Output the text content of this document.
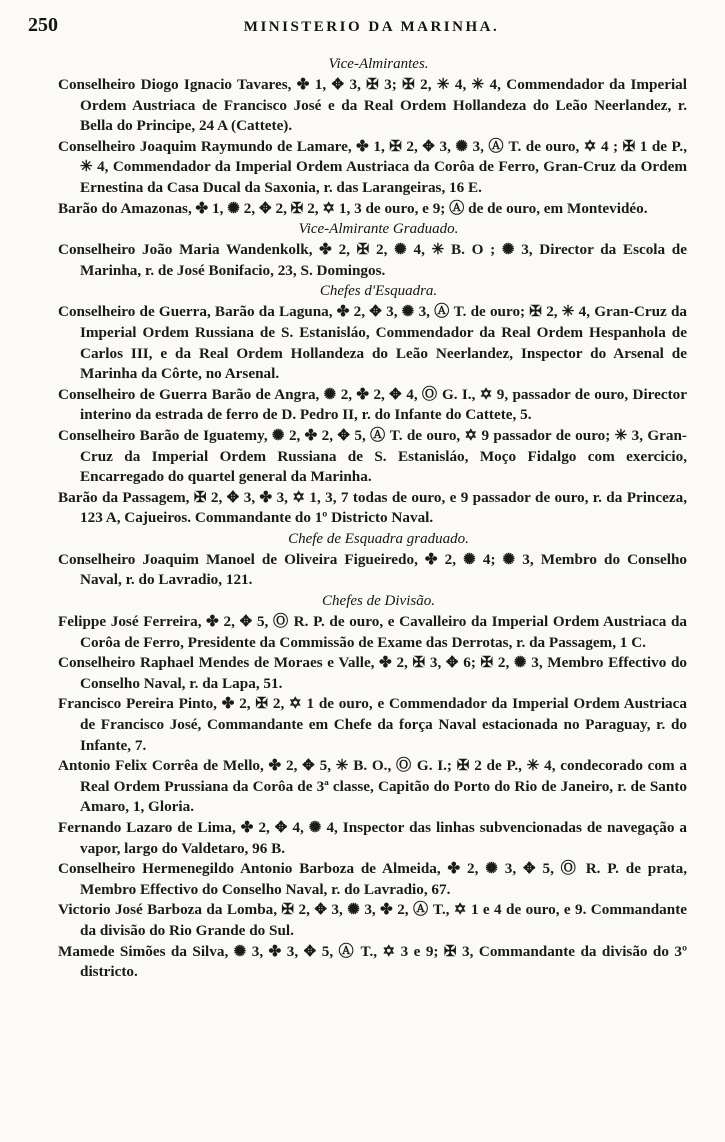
250	MINISTERIO DA MARINHA.

Vice-Almirantes.

Conselheiro Diogo Ignacio Tavares, ✤ 1, ✥ 3, ✠ 3; ✠ 2, ✳ 4, ✳ 4, Commendador da Imperial Ordem Austriaca de Francisco José e da Real Ordem Hollandeza do Leão Neerlandez, r. Bella do Principe, 24 A (Cattete).

Conselheiro Joaquim Raymundo de Lamare, ✤ 1, ✠ 2, ✥ 3, ✺ 3, Ⓐ T. de ouro, ✡ 4 ; ✠ 1 de P., ✳ 4, Commendador da Imperial Ordem Austriaca da Corôa de Ferro, Gran-Cruz da Ordem Ernestina da Casa Ducal da Saxonia, r. das Larangeiras, 16 E.

Barão do Amazonas, ✤ 1, ✺ 2, ✥ 2, ✠ 2, ✡ 1, 3 de ouro, e 9; Ⓐ de de ouro, em Montevidéo.

Vice-Almirante Graduado.

Conselheiro João Maria Wandenkolk, ✤ 2, ✠ 2, ✺ 4, ✳ B. O ; ✺ 3, Director da Escola de Marinha, r. de José Bonifacio, 23, S. Domingos.

Chefes d'Esquadra.

Conselheiro de Guerra, Barão da Laguna, ✤ 2, ✥ 3, ✺ 3, Ⓐ T. de ouro; ✠ 2, ✳ 4, Gran-Cruz da Imperial Ordem Russiana de S. Estanisláo, Commendador da Real Ordem Hespanhola de Carlos III, e da Real Ordem Hollandeza do Leão Neerlandez, Inspector do Arsenal de Marinha da Côrte, no Arsenal.

Conselheiro de Guerra Barão de Angra, ✺ 2, ✤ 2, ✥ 4, Ⓞ G. I., ✡ 9, passador de ouro, Director interino da estrada de ferro de D. Pedro II, r. do Infante do Cattete, 5.

Conselheiro Barão de Iguatemy, ✺ 2, ✤ 2, ✥ 5, Ⓐ T. de ouro, ✡ 9 passador de ouro; ✳ 3, Gran-Cruz da Imperial Ordem Russiana de S. Estanisláo, Moço Fidalgo com exercicio, Encarregado do quartel general da Marinha.

Barão da Passagem, ✠ 2, ✥ 3, ✤ 3, ✡ 1, 3, 7 todas de ouro, e 9 passador de ouro, r. da Princeza, 123 A, Cajueiros. Commandante do 1º Districto Naval.

Chefe de Esquadra graduado.

Conselheiro Joaquim Manoel de Oliveira Figueiredo, ✤ 2, ✺ 4; ✺ 3, Membro do Conselho Naval, r. do Lavradio, 121.

Chefes de Divisão.

Felippe José Ferreira, ✤ 2, ✥ 5, Ⓞ R. P. de ouro, e Cavalleiro da Imperial Ordem Austriaca da Corôa de Ferro, Presidente da Commissão de Exame das Derrotas, r. da Passagem, 1 C.

Conselheiro Raphael Mendes de Moraes e Valle, ✤ 2, ✠ 3, ✥ 6; ✠ 2, ✺ 3, Membro Effectivo do Conselho Naval, r. da Lapa, 51.

Francisco Pereira Pinto, ✤ 2, ✠ 2, ✡ 1 de ouro, e Commendador da Imperial Ordem Austriaca de Francisco José, Commandante em Chefe da força Naval estacionada no Paraguay, r. do Infante, 7.

Antonio Felix Corrêa de Mello, ✤ 2, ✥ 5, ✳ B. O., Ⓞ G. I.; ✠ 2 de P., ✳ 4, condecorado com a Real Ordem Prussiana da Corôa de 3ª classe, Capitão do Porto do Rio de Janeiro, r. de Santo Amaro, 1, Gloria.

Fernando Lazaro de Lima, ✤ 2, ✥ 4, ✺ 4, Inspector das linhas subvencionadas de navegação a vapor, largo do Valdetaro, 96 B.

Conselheiro Hermenegildo Antonio Barboza de Almeida, ✤ 2, ✺ 3, ✥ 5, Ⓞ R. P. de prata, Membro Effectivo do Conselho Naval, r. do Lavradio, 67.

Victorio José Barboza da Lomba, ✠ 2, ✥ 3, ✺ 3, ✤ 2, Ⓐ T., ✡ 1 e 4 de ouro, e 9. Commandante da divisão do Rio Grande do Sul.

Mamede Simões da Silva, ✺ 3, ✤ 3, ✥ 5, Ⓐ T., ✡ 3 e 9; ✠ 3, Commandante da divisão do 3º districto.
